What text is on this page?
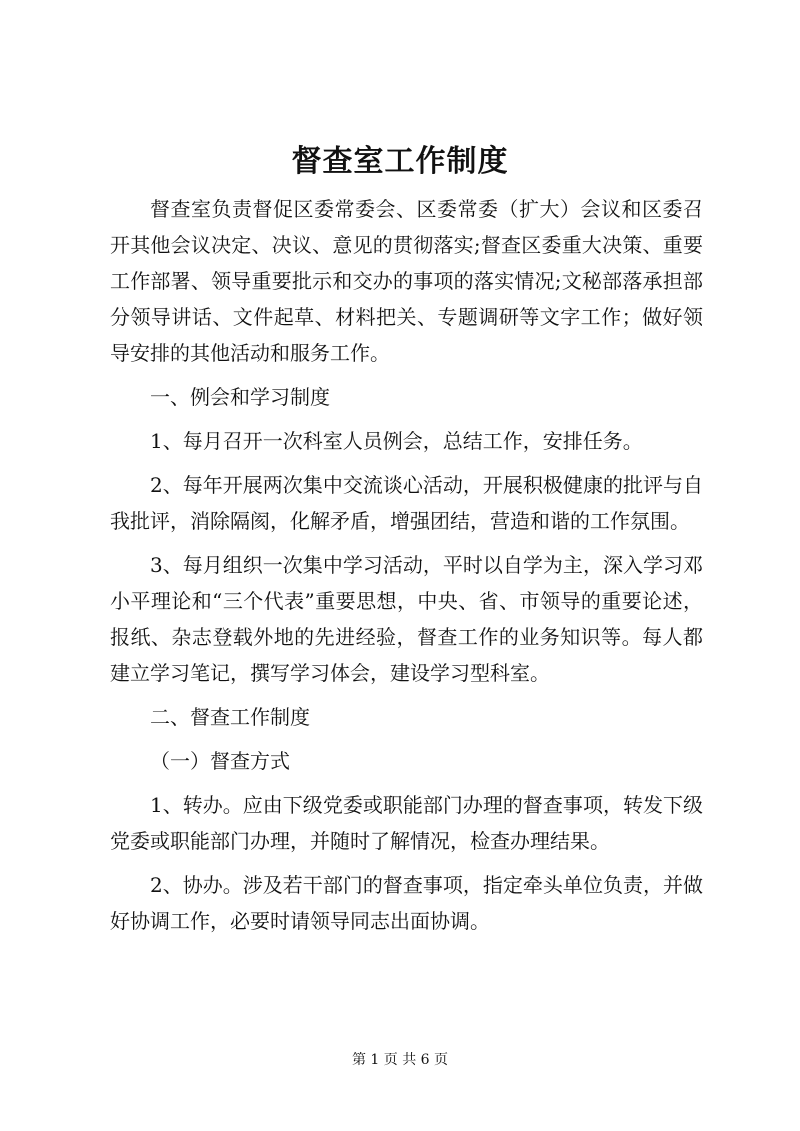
督查室工作制度

督查室负责督促区委常委会、区委常委（扩大）会议和区委召开其他会议决定、决议、意见的贯彻落实;督查区委重大决策、重要工作部署、领导重要批示和交办的事项的落实情况;文秘部落承担部分领导讲话、文件起草、材料把关、专题调研等文字工作；做好领导安排的其他活动和服务工作。

一、例会和学习制度

1、每月召开一次科室人员例会，总结工作，安排任务。

2、每年开展两次集中交流谈心活动，开展积极健康的批评与自我批评，消除隔阂，化解矛盾，增强团结，营造和谐的工作氛围。

3、每月组织一次集中学习活动，平时以自学为主，深入学习邓小平理论和“三个代表”重要思想，中央、省、市领导的重要论述，报纸、杂志登载外地的先进经验，督查工作的业务知识等。每人都建立学习笔记，撰写学习体会，建设学习型科室。

二、督查工作制度

（一）督查方式

1、转办。应由下级党委或职能部门办理的督查事项，转发下级党委或职能部门办理，并随时了解情况，检查办理结果。

2、协办。涉及若干部门的督查事项，指定牵头单位负责，并做好协调工作，必要时请领导同志出面协调。

第 1 页 共 6 页
